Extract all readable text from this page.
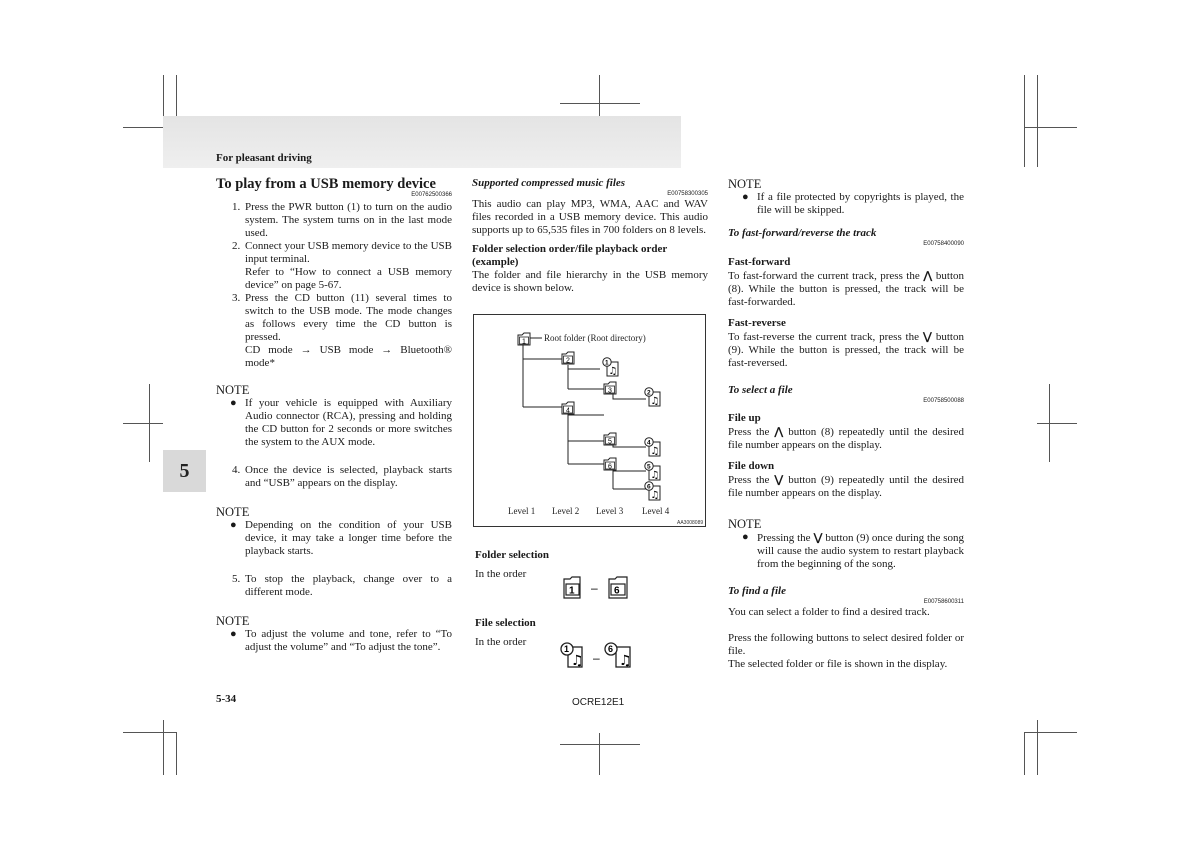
For pleasant driving
5

To play from a USB memory device

E00762500366

1. Press the PWR button (1) to turn on the audio system. The system turns on in the last mode used.
2. Connect your USB memory device to the USB input terminal.
Refer to “How to connect a USB memory device” on page 5-67.
3. Press the CD button (11) several times to switch to the USB mode. The mode changes as follows every time the CD button is pressed.
CD mode → USB mode → Bluetooth® mode*

NOTE

● If your vehicle is equipped with Auxiliary Audio connector (RCA), pressing and holding the CD button for 2 seconds or more switches the system to the AUX mode.
4. Once the device is selected, playback starts and “USB” appears on the display.

NOTE

● Depending on the condition of your USB device, it may take a longer time before the playback starts.
5. To stop the playback, change over to a different mode.

NOTE

● To adjust the volume and tone, refer to “To adjust the volume” and “To adjust the tone”.

Supported compressed music files

E00758300305

This audio can play MP3, WMA, AAC and WAV files recorded in a USB memory device. This audio supports up to 65,535 files in 700 folders on 8 levels.

Folder selection order/file playback order (example)

The folder and file hierarchy in the USB memory device is shown below.

1
2
3
4
5
6
1
♫
2
♫
4
♫
5
♫
6
♫
Root folder (Root directory)
Level 1 Level 2 Level 3 Level 4
AA3008089

Folder selection

In the order

File selection

In the order

1	6
–
♫	♫
1	6
–

NOTE

● If a file protected by copyrights is played, the file will be skipped.

To fast-forward/reverse the track

E00758400090

Fast-forward

To fast-forward the current track, press the ⋀ button (8). While the button is pressed, the track will be fast-forwarded.

Fast-reverse

To fast-reverse the current track, press the ⋁ button (9). While the button is pressed, the track will be fast-reversed.

To select a file

E00758500088

File up

Press the ⋀ button (8) repeatedly until the desired file number appears on the display.

File down

Press the ⋁ button (9) repeatedly until the desired file number appears on the display.

NOTE

● Pressing the ⋁ button (9) once during the song will cause the audio system to restart playback from the beginning of the song.

To find a file

E00758600311

You can select a folder to find a desired track.

Press the following buttons to select desired folder or file.

The selected folder or file is shown in the display.

5-34	OCRE12E1
